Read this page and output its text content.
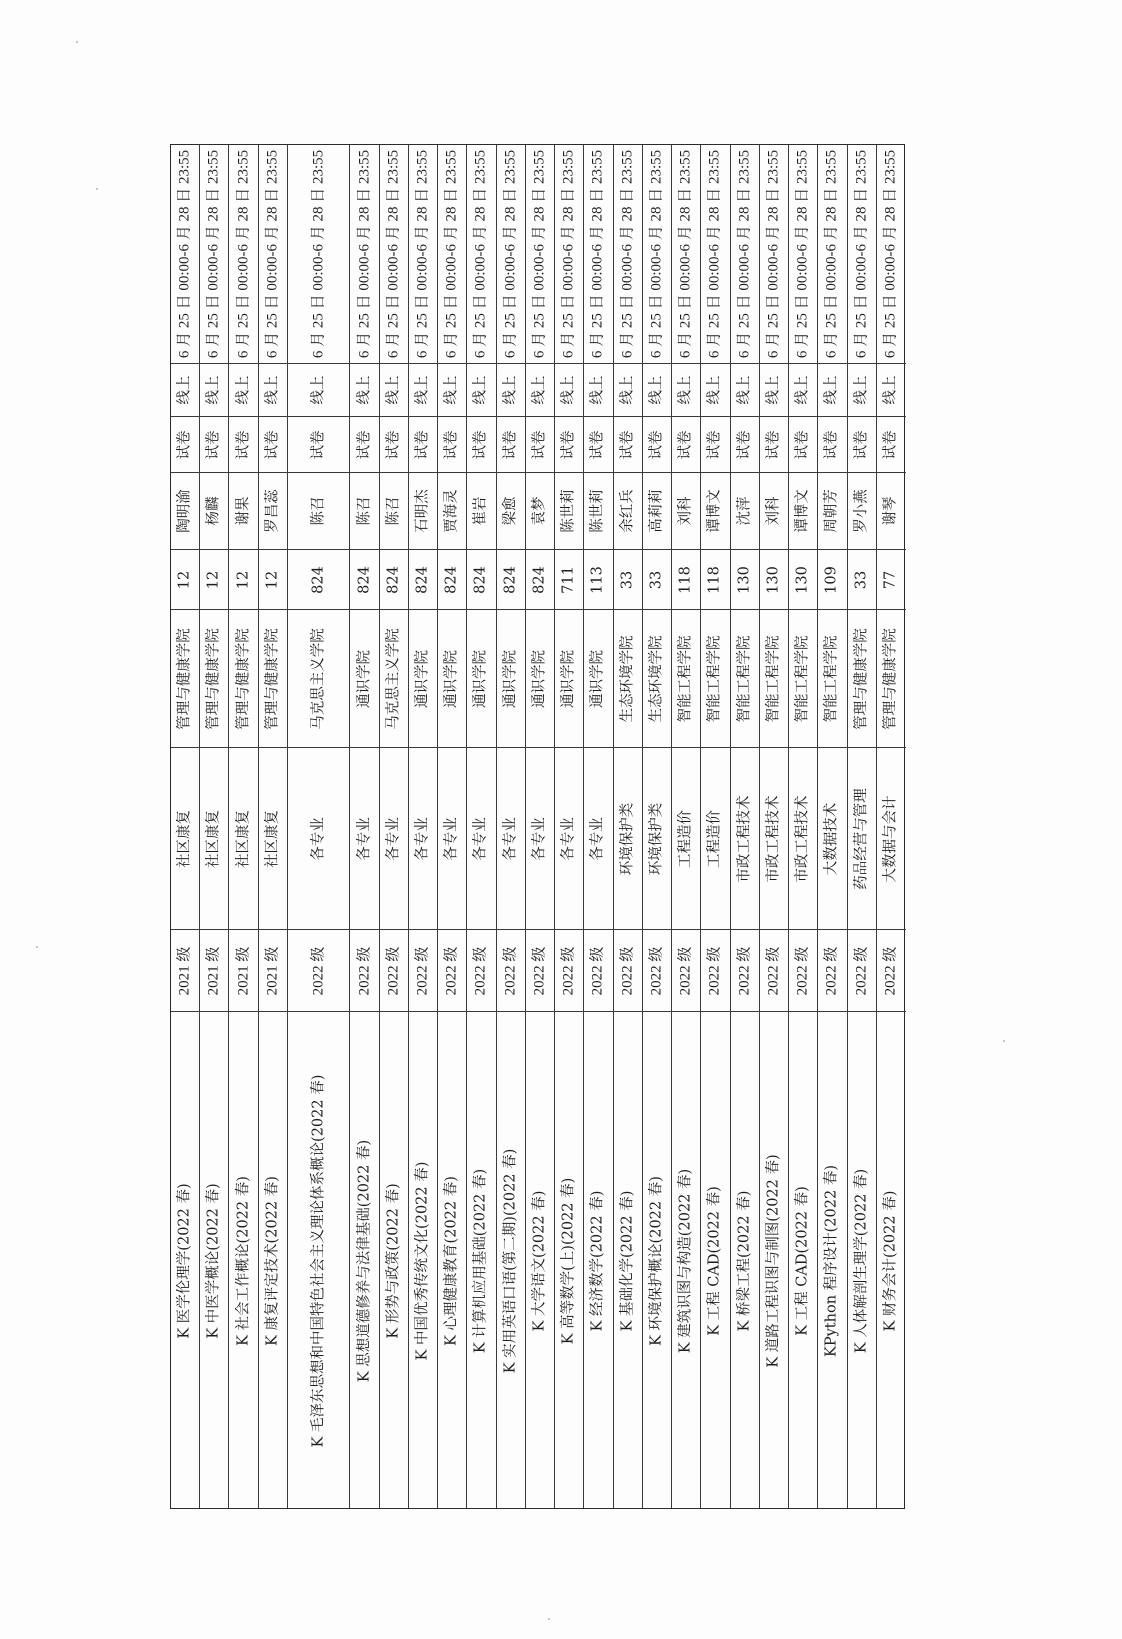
6 月 25 日 00:00-6 月 28 日 23:55
线上
试卷
陶明渝
12
管理与健康学院
社区康复
2021 级
K 医学伦理学(2022 春)
6 月 25 日 00:00-6 月 28 日 23:55
线上
试卷
杨麟
12
管理与健康学院
社区康复
2021 级
K 中医学概论(2022 春)
6 月 25 日 00:00-6 月 28 日 23:55
线上
试卷
谢果
12
管理与健康学院
社区康复
2021 级
K 社会工作概论(2022 春)
6 月 25 日 00:00-6 月 28 日 23:55
线上
试卷
罗昌蕊
12
管理与健康学院
社区康复
2021 级
K 康复评定技术(2022 春)
6 月 25 日 00:00-6 月 28 日 23:55
线上
试卷
陈召
824
马克思主义学院
各专业
2022 级
K 毛泽东思想和中国特色社会主义理论体系概论(2022 春)
6 月 25 日 00:00-6 月 28 日 23:55
线上
试卷
陈召
824
通识学院
各专业
2022 级
K 思想道德修养与法律基础(2022 春)
6 月 25 日 00:00-6 月 28 日 23:55
线上
试卷
陈召
824
马克思主义学院
各专业
2022 级
K 形势与政策(2022 春)
6 月 25 日 00:00-6 月 28 日 23:55
线上
试卷
石明杰
824
通识学院
各专业
2022 级
K 中国优秀传统文化(2022 春)
6 月 25 日 00:00-6 月 28 日 23:55
线上
试卷
贾海灵
824
通识学院
各专业
2022 级
K 心理健康教育(2022 春)
6 月 25 日 00:00-6 月 28 日 23:55
线上
试卷
崔岩
824
通识学院
各专业
2022 级
K 计算机应用基础(2022 春)
6 月 25 日 00:00-6 月 28 日 23:55
线上
试卷
梁愈
824
通识学院
各专业
2022 级
K 实用英语口语(第二期)(2022 春)
6 月 25 日 00:00-6 月 28 日 23:55
线上
试卷
袁梦
824
通识学院
各专业
2022 级
K 大学语文(2022 春)
6 月 25 日 00:00-6 月 28 日 23:55
线上
试卷
陈世莉
711
通识学院
各专业
2022 级
K 高等数学(上)(2022 春)
6 月 25 日 00:00-6 月 28 日 23:55
线上
试卷
陈世莉
113
通识学院
各专业
2022 级
K 经济数学(2022 春)
6 月 25 日 00:00-6 月 28 日 23:55
线上
试卷
余红兵
33
生态环境学院
环境保护类
2022 级
K 基础化学(2022 春)
6 月 25 日 00:00-6 月 28 日 23:55
线上
试卷
高莉莉
33
生态环境学院
环境保护类
2022 级
K 环境保护概论(2022 春)
6 月 25 日 00:00-6 月 28 日 23:55
线上
试卷
刘科
118
智能工程学院
工程造价
2022 级
K 建筑识图与构造(2022 春)
6 月 25 日 00:00-6 月 28 日 23:55
线上
试卷
谭博文
118
智能工程学院
工程造价
2022 级
K 工程 CAD(2022 春)
6 月 25 日 00:00-6 月 28 日 23:55
线上
试卷
沈萍
130
智能工程学院
市政工程技术
2022 级
K 桥梁工程(2022 春)
6 月 25 日 00:00-6 月 28 日 23:55
线上
试卷
刘科
130
智能工程学院
市政工程技术
2022 级
K 道路工程识图与制图(2022 春)
6 月 25 日 00:00-6 月 28 日 23:55
线上
试卷
谭博文
130
智能工程学院
市政工程技术
2022 级
K 工程 CAD(2022 春)
6 月 25 日 00:00-6 月 28 日 23:55
线上
试卷
周朝芳
109
智能工程学院
大数据技术
2022 级
KPython 程序设计(2022 春)
6 月 25 日 00:00-6 月 28 日 23:55
线上
试卷
罗小燕
33
管理与健康学院
药品经营与管理
2022 级
K 人体解剖生理学(2022 春)
6 月 25 日 00:00-6 月 28 日 23:55
线上
试卷
谢琴
77
管理与健康学院
大数据与会计
2022 级
K 财务会计(2022 春)
